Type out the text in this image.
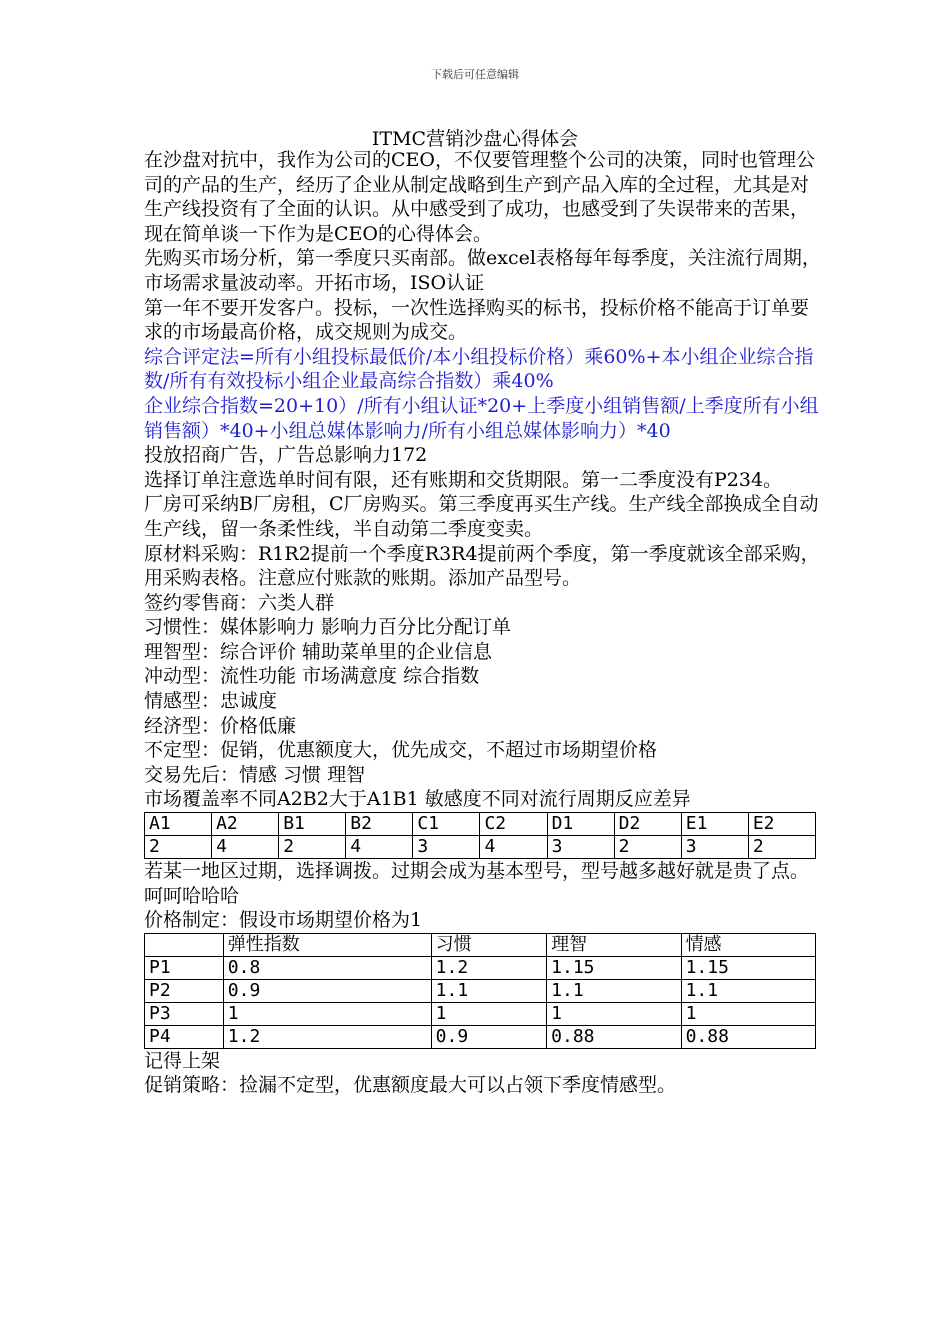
下载后可任意编辑
ITMC营销沙盘心得体会

在沙盘对抗中，我作为公司的CEO，不仅要管理整个公司的决策，同时也管理公司的产品的生产，经历了企业从制定战略到生产到产品入库的全过程，尤其是对生产线投资有了全面的认识。从中感受到了成功，也感受到了失误带来的苦果，现在简单谈一下作为是CEO的心得体会。

先购买市场分析，第一季度只买南部。做excel表格每年每季度，关注流行周期，市场需求量波动率。开拓市场，ISO认证

第一年不要开发客户。投标，一次性选择购买的标书，投标价格不能高于订单要求的市场最高价格，成交规则为成交。

综合评定法=所有小组投标最低价/本小组投标价格）乘60%+本小组企业综合指数/所有有效投标小组企业最高综合指数）乘40%

企业综合指数=20+10）/所有小组认证*20+上季度小组销售额/上季度所有小组销售额）*40+小组总媒体影响力/所有小组总媒体影响力）*40

投放招商广告，广告总影响力172

选择订单注意选单时间有限，还有账期和交货期限。第一二季度没有P234。

厂房可采纳B厂房租，C厂房购买。第三季度再买生产线。生产线全部换成全自动生产线，留一条柔性线，半自动第二季度变卖。

原材料采购：R1R2提前一个季度R3R4提前两个季度，第一季度就该全部采购，用采购表格。注意应付账款的账期。添加产品型号。

签约零售商：六类人群

习惯性：媒体影响力 影响力百分比分配订单

理智型：综合评价 辅助菜单里的企业信息

冲动型：流性功能 市场满意度 综合指数

情感型：忠诚度

经济型：价格低廉

不定型：促销，优惠额度大，优先成交，不超过市场期望价格

交易先后：情感 习惯 理智

市场覆盖率不同A2B2大于A1B1 敏感度不同对流行周期反应差异

A1	A2	B1	B2	C1	C2	D1	D2	E1	E2
2	4	2	4	3	4	3	2	3	2

若某一地区过期，选择调拨。过期会成为基本型号，型号越多越好就是贵了点。呵呵哈哈哈

价格制定：假设市场期望价格为1

	弹性指数	习惯	理智	情感
P1	0.8	1.2	1.15	1.15
P2	0.9	1.1	1.1	1.1
P3	1	1	1	1
P4	1.2	0.9	0.88	0.88

记得上架

促销策略：捡漏不定型，优惠额度最大可以占领下季度情感型。
